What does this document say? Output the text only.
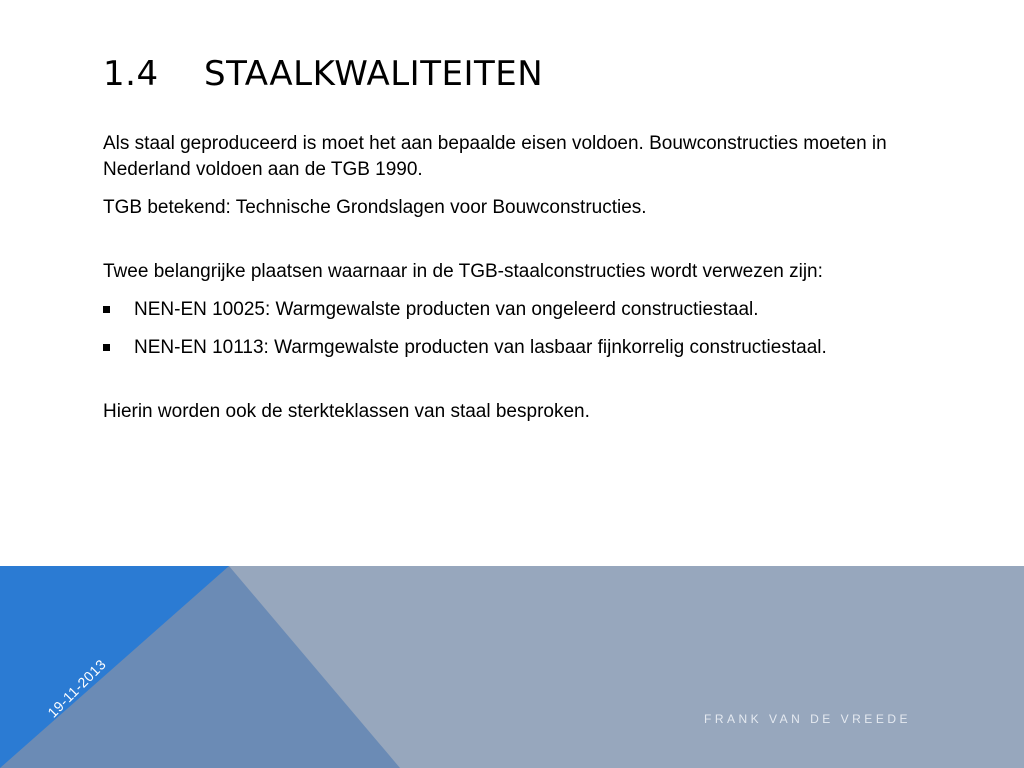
1.4 STAALKWALITEITEN

Als staal geproduceerd is moet het aan bepaalde eisen voldoen. Bouwconstructies moeten in Nederland voldoen aan de TGB 1990.

TGB betekend: Technische Grondslagen voor Bouwconstructies.

Twee belangrijke plaatsen waarnaar in de TGB-staalconstructies wordt verwezen zijn:

NEN-EN 10025: Warmgewalste producten van ongeleerd constructiestaal.
NEN-EN 10113: Warmgewalste producten van lasbaar fijnkorrelig constructiestaal.

Hierin worden ook de sterkteklassen van staal besproken.

19-11-2013	FRANK VAN DE VREEDE
